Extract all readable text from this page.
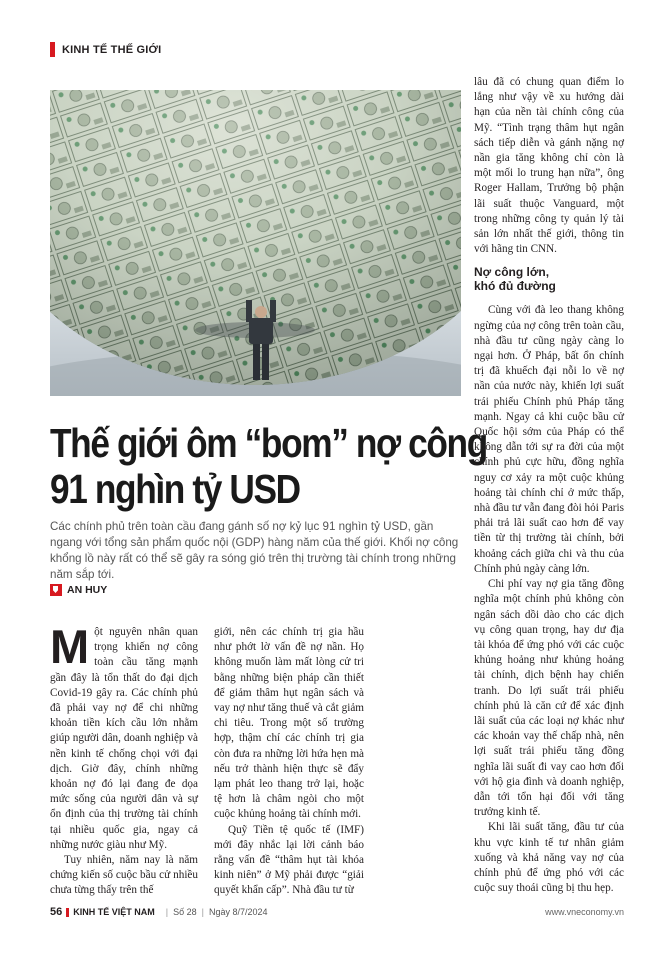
KINH TẾ THẾ GIỚI
Thế giới ôm “bom” nợ công
91 nghìn tỷ USD
Các chính phủ trên toàn cầu đang gánh số nợ kỷ lục 91 nghìn tỷ USD, gần ngang với tổng sản phẩm quốc nội (GDP) hàng năm của thế giới. Khối nợ công khổng lồ này rất có thể sẽ gây ra sóng gió trên thị trường tài chính trong những năm sắp tới.
AN HUY

Một nguyên nhân quan trọng khiến nợ công toàn cầu tăng mạnh gần đây là tổn thất do đại dịch Covid-19 gây ra. Các chính phủ đã phải vay nợ để chi những khoản tiền kích cầu lớn nhằm giúp người dân, doanh nghiệp và nền kinh tế chống chọi với đại dịch. Giờ đây, chính những khoản nợ đó lại đang đe dọa mức sống của người dân và sự ổn định của thị trường tài chính tại nhiều quốc gia, ngay cả những nước giàu như Mỹ.

Tuy nhiên, năm nay là năm chứng kiến số cuộc bầu cử nhiều chưa từng thấy trên thế

giới, nên các chính trị gia hầu như phớt lờ vấn đề nợ nần. Họ không muốn làm mất lòng cử tri bằng những biện pháp cần thiết để giảm thâm hụt ngân sách và vay nợ như tăng thuế và cắt giảm chi tiêu. Trong một số trường hợp, thậm chí các chính trị gia còn đưa ra những lời hứa hẹn mà nếu trở thành hiện thực sẽ đẩy lạm phát leo thang trở lại, hoặc tệ hơn là châm ngòi cho một cuộc khủng hoảng tài chính mới.

Quỹ Tiền tệ quốc tế (IMF) mới đây nhắc lại lời cảnh báo rằng vấn đề “thâm hụt tài khóa kinh niên” ở Mỹ phải được “giải quyết khẩn cấp”. Nhà đầu tư từ

lâu đã có chung quan điểm lo lắng như vậy về xu hướng dài hạn của nền tài chính công của Mỹ. “Tình trạng thâm hụt ngân sách tiếp diễn và gánh nặng nợ nần gia tăng không chỉ còn là một mối lo trung hạn nữa”, ông Roger Hallam, Trưởng bộ phận lãi suất thuộc Vanguard, một trong những công ty quản lý tài sản lớn nhất thế giới, thông tin với hãng tin CNN.

Nợ công lớn,
khó đủ đường

Cùng với đà leo thang không ngừng của nợ công trên toàn cầu, nhà đầu tư cũng ngày càng lo ngại hơn. Ở Pháp, bất ổn chính trị đã khuếch đại nỗi lo về nợ nần của nước này, khiến lợi suất trái phiếu Chính phủ Pháp tăng mạnh. Ngay cả khi cuộc bầu cử Quốc hội sớm của Pháp có thể không dẫn tới sự ra đời của một chính phủ cực hữu, đồng nghĩa nguy cơ xảy ra một cuộc khủng hoảng tài chính chỉ ở mức thấp, nhà đầu tư vẫn đang đòi hỏi Paris phải trả lãi suất cao hơn để vay tiền từ thị trường tài chính, bởi khoảng cách giữa chi và thu của Chính phủ ngày càng lớn.

Chi phí vay nợ gia tăng đồng nghĩa một chính phủ không còn ngân sách dồi dào cho các dịch vụ công quan trọng, hay dư địa tài khóa để ứng phó với các cuộc khủng hoảng như khủng hoảng tài chính, dịch bệnh hay chiến tranh. Do lợi suất trái phiếu chính phủ là căn cứ để xác định lãi suất của các loại nợ khác như các khoản vay thế chấp nhà, nên lợi suất trái phiếu tăng đồng nghĩa lãi suất đi vay cao hơn đối với hộ gia đình và doanh nghiệp, dẫn tới tổn hại đối với tăng trưởng kinh tế.

Khi lãi suất tăng, đầu tư của khu vực kinh tế tư nhân giảm xuống và khả năng vay nợ của chính phủ để ứng phó với các cuộc suy thoái cũng bị thu hẹp.

56 KINH TẾ VIỆT NAM | Số 28 | Ngày 8/7/2024	www.vneconomy.vn
